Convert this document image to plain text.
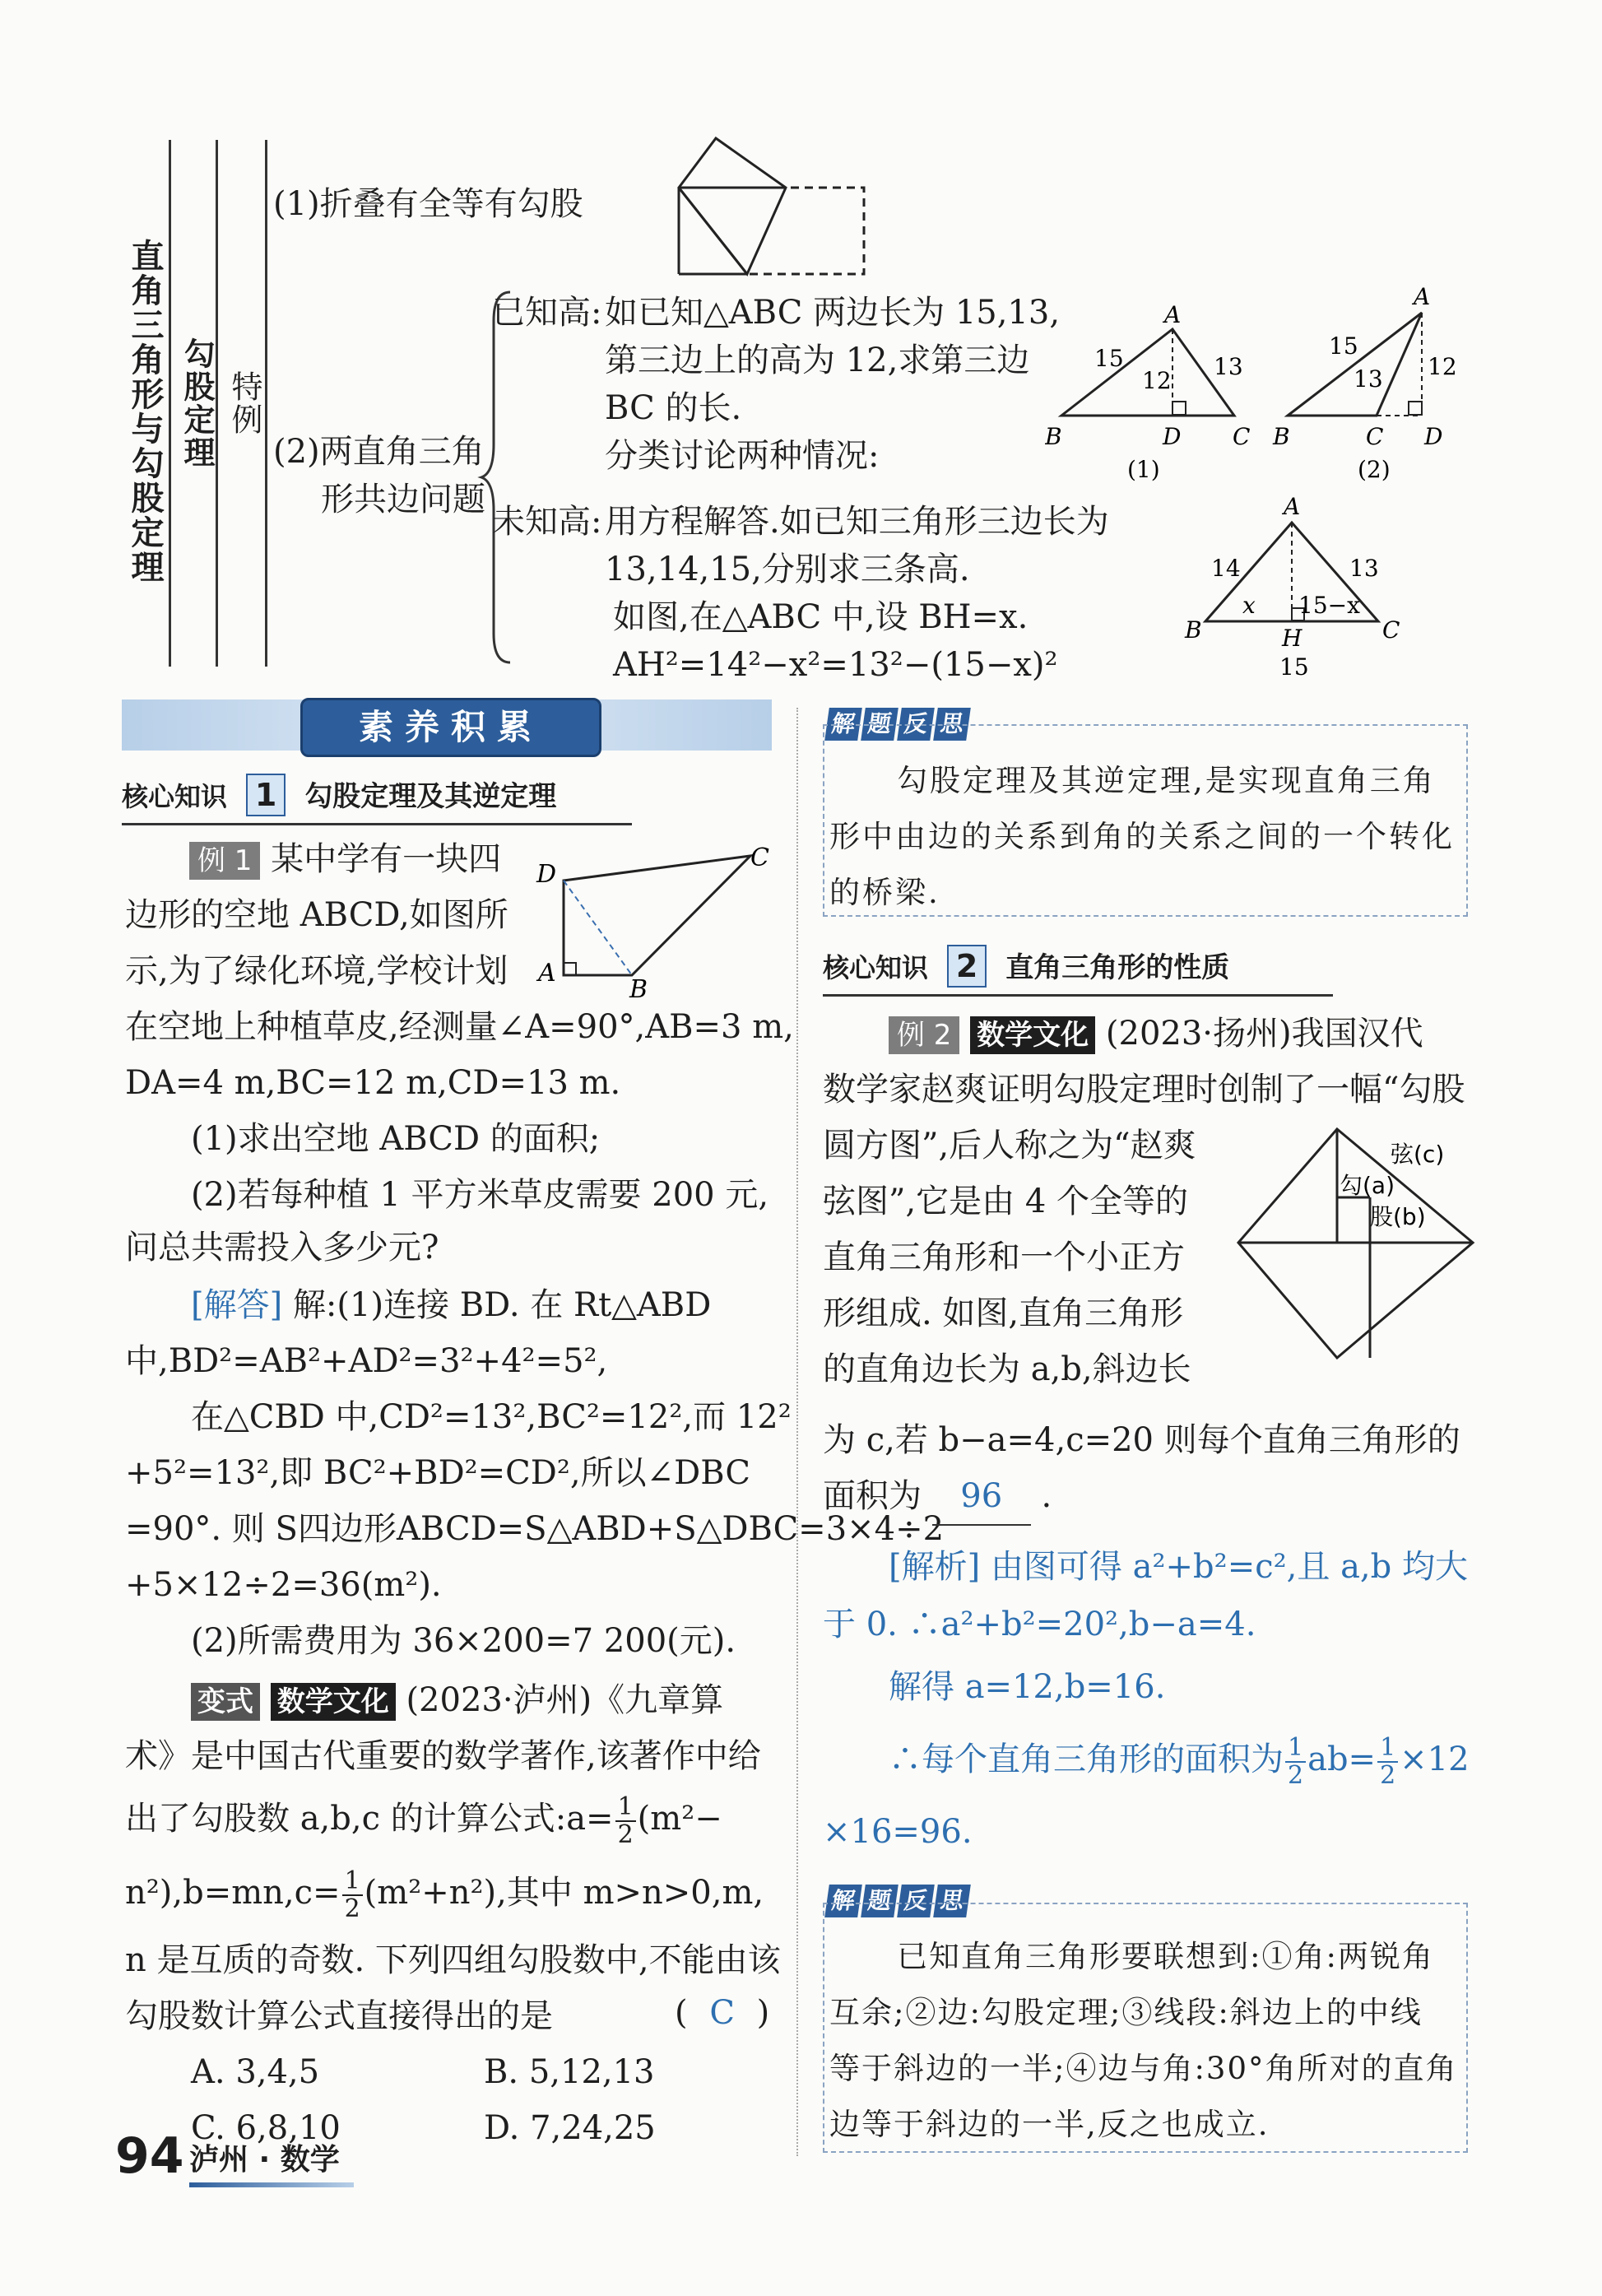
直角三角形与勾股定理 勾股定理 特例
(1)折叠有全等有勾股
(2)两直角三角
形共边问题
已知高: 如已知△ABC 两边长为 15,13,
第三边上的高为 12,求第三边
BC 的长.
分类讨论两种情况:
未知高: 用方程解答.如已知三角形三边长为
13,14,15,分别求三条高.
如图,在△ABC 中,设 BH=x.
AH²=14²−x²=13²−(15−x)²
A
B	C
D
15	13
12
(1)
A
B	C D
15
13 12
(2)
A
B	C
H
14	13
x 15−x
15
素养积累
核心知识 1 勾股定理及其逆定理
例 1 某中学有一块四
边形的空地 ABCD,如图所
示,为了绿化环境,学校计划
D
C
A
B
在空地上种植草皮,经测量∠A=90°,AB=3 m,
DA=4 m,BC=12 m,CD=13 m.
(1)求出空地 ABCD 的面积;
(2)若每种植 1 平方米草皮需要 200 元,
问总共需投入多少元?
[解答] 解:(1)连接 BD. 在 Rt△ABD
中,BD²=AB²+AD²=3²+4²=5²,
在△CBD 中,CD²=13²,BC²=12²,而 12²
+5²=13²,即 BC²+BD²=CD²,所以∠DBC
=90°. 则 S四边形ABCD=S△ABD+S△DBC=3×4÷2
+5×12÷2=36(m²).
(2)所需费用为 36×200=7 200(元).
变式 数学文化 (2023·泸州)《九章算
术》是中国古代重要的数学著作,该著作中给
出了勾股数 a,b,c 的计算公式:a= $\frac{1}{2} (m^2-$
$n^2),b=mn,c= \frac{1}{2} (m^2+n^2)$,其中 m>n>0,m,
n 是互质的奇数. 下列四组勾股数中,不能由该
勾股数计算公式直接得出的是	( C )
A. 3,4,5	B. 5,12,13
C. 6,8,10	D. 7,24,25
解 题 反 思
勾股定理及其逆定理,是实现直角三角
形中由边的关系到角的关系之间的一个转化
的桥梁.
核心知识 2 直角三角形的性质
例 2 数学文化 (2023·扬州)我国汉代
数学家赵爽证明勾股定理时创制了一幅“勾股
圆方图”,后人称之为“赵爽
弦图”,它是由 4 个全等的
直角三角形和一个小正方
形组成. 如图,直角三角形
的直角边长为 a,b,斜边长
弦(c)
勾(a)
股(b)
为 c,若 b−a=4,c=20 则每个直角三角形的
面积为 96 .
[解析] 由图可得 a²+b²=c²,且 a,b 均大
于 0. ∴a²+b²=20²,b−a=4.
解得 a=12,b=16.
∴每个直角三角形的面积为 $\frac{1}{2} ab= \frac{1}{2} \times 12$
×16=96.
解 题 反 思
已知直角三角形要联想到:①角:两锐角
互余;②边:勾股定理;③线段:斜边上的中线
等于斜边的一半;④边与角:30°角所对的直角
边等于斜边的一半,反之也成立.
94 泸州 · 数学
